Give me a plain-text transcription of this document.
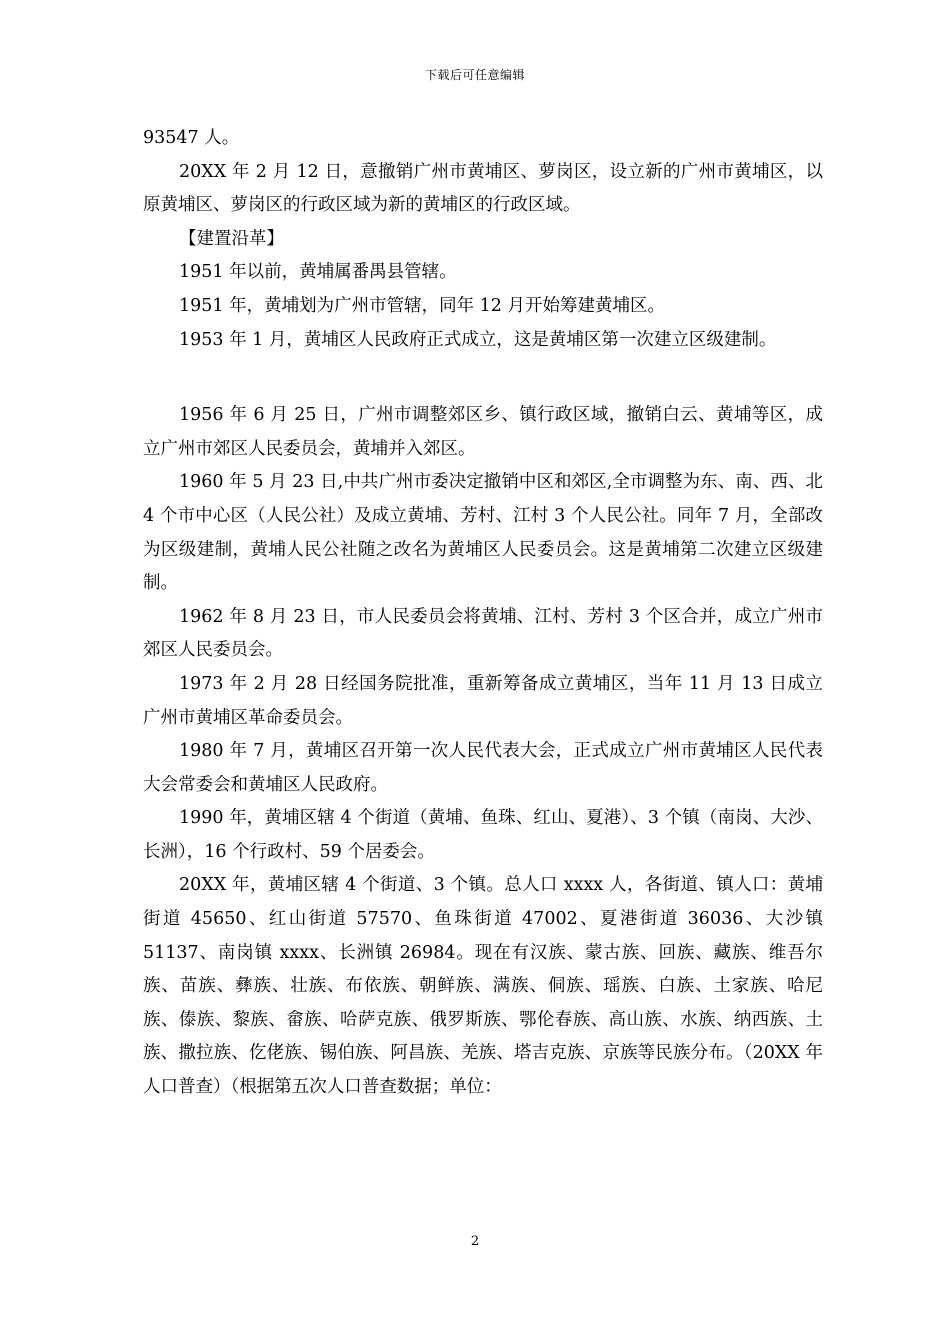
下载后可任意编辑

93547 人。

20XX 年 2 月 12 日，意撤销广州市黄埔区、萝岗区，设立新的广州市黄埔区，以原黄埔区、萝岗区的行政区域为新的黄埔区的行政区域。

【建置沿革】

1951 年以前，黄埔属番禺县管辖。

1951 年，黄埔划为广州市管辖，同年 12 月开始筹建黄埔区。

1953 年 1 月，黄埔区人民政府正式成立，这是黄埔区第一次建立区级建制。

1956 年 6 月 25 日，广州市调整郊区乡、镇行政区域，撤销白云、黄埔等区，成立广州市郊区人民委员会，黄埔并入郊区。

1960 年 5 月 23 日,中共广州市委决定撤销中区和郊区,全市调整为东、南、西、北 4 个市中心区（人民公社）及成立黄埔、芳村、江村 3 个人民公社。同年 7 月，全部改为区级建制，黄埔人民公社随之改名为黄埔区人民委员会。这是黄埔第二次建立区级建制。

1962 年 8 月 23 日，市人民委员会将黄埔、江村、芳村 3 个区合并，成立广州市郊区人民委员会。

1973 年 2 月 28 日经国务院批准，重新筹备成立黄埔区，当年 11 月 13 日成立广州市黄埔区革命委员会。

1980 年 7 月，黄埔区召开第一次人民代表大会，正式成立广州市黄埔区人民代表大会常委会和黄埔区人民政府。

1990 年，黄埔区辖 4 个街道（黄埔、鱼珠、红山、夏港）、3 个镇（南岗、大沙、长洲），16 个行政村、59 个居委会。

20XX 年，黄埔区辖 4 个街道、3 个镇。总人口 xxxx 人，各街道、镇人口：黄埔街道 45650、红山街道 57570、鱼珠街道 47002、夏港街道 36036、大沙镇 51137、南岗镇 xxxx、长洲镇 26984。现在有汉族、蒙古族、回族、藏族、维吾尔族、苗族、彝族、壮族、布依族、朝鲜族、满族、侗族、瑶族、白族、土家族、哈尼族、傣族、黎族、畲族、哈萨克族、俄罗斯族、鄂伦春族、高山族、水族、纳西族、土族、撒拉族、仡佬族、锡伯族、阿昌族、羌族、塔吉克族、京族等民族分布。（20XX 年人口普查）（根据第五次人口普查数据；单位：

2
